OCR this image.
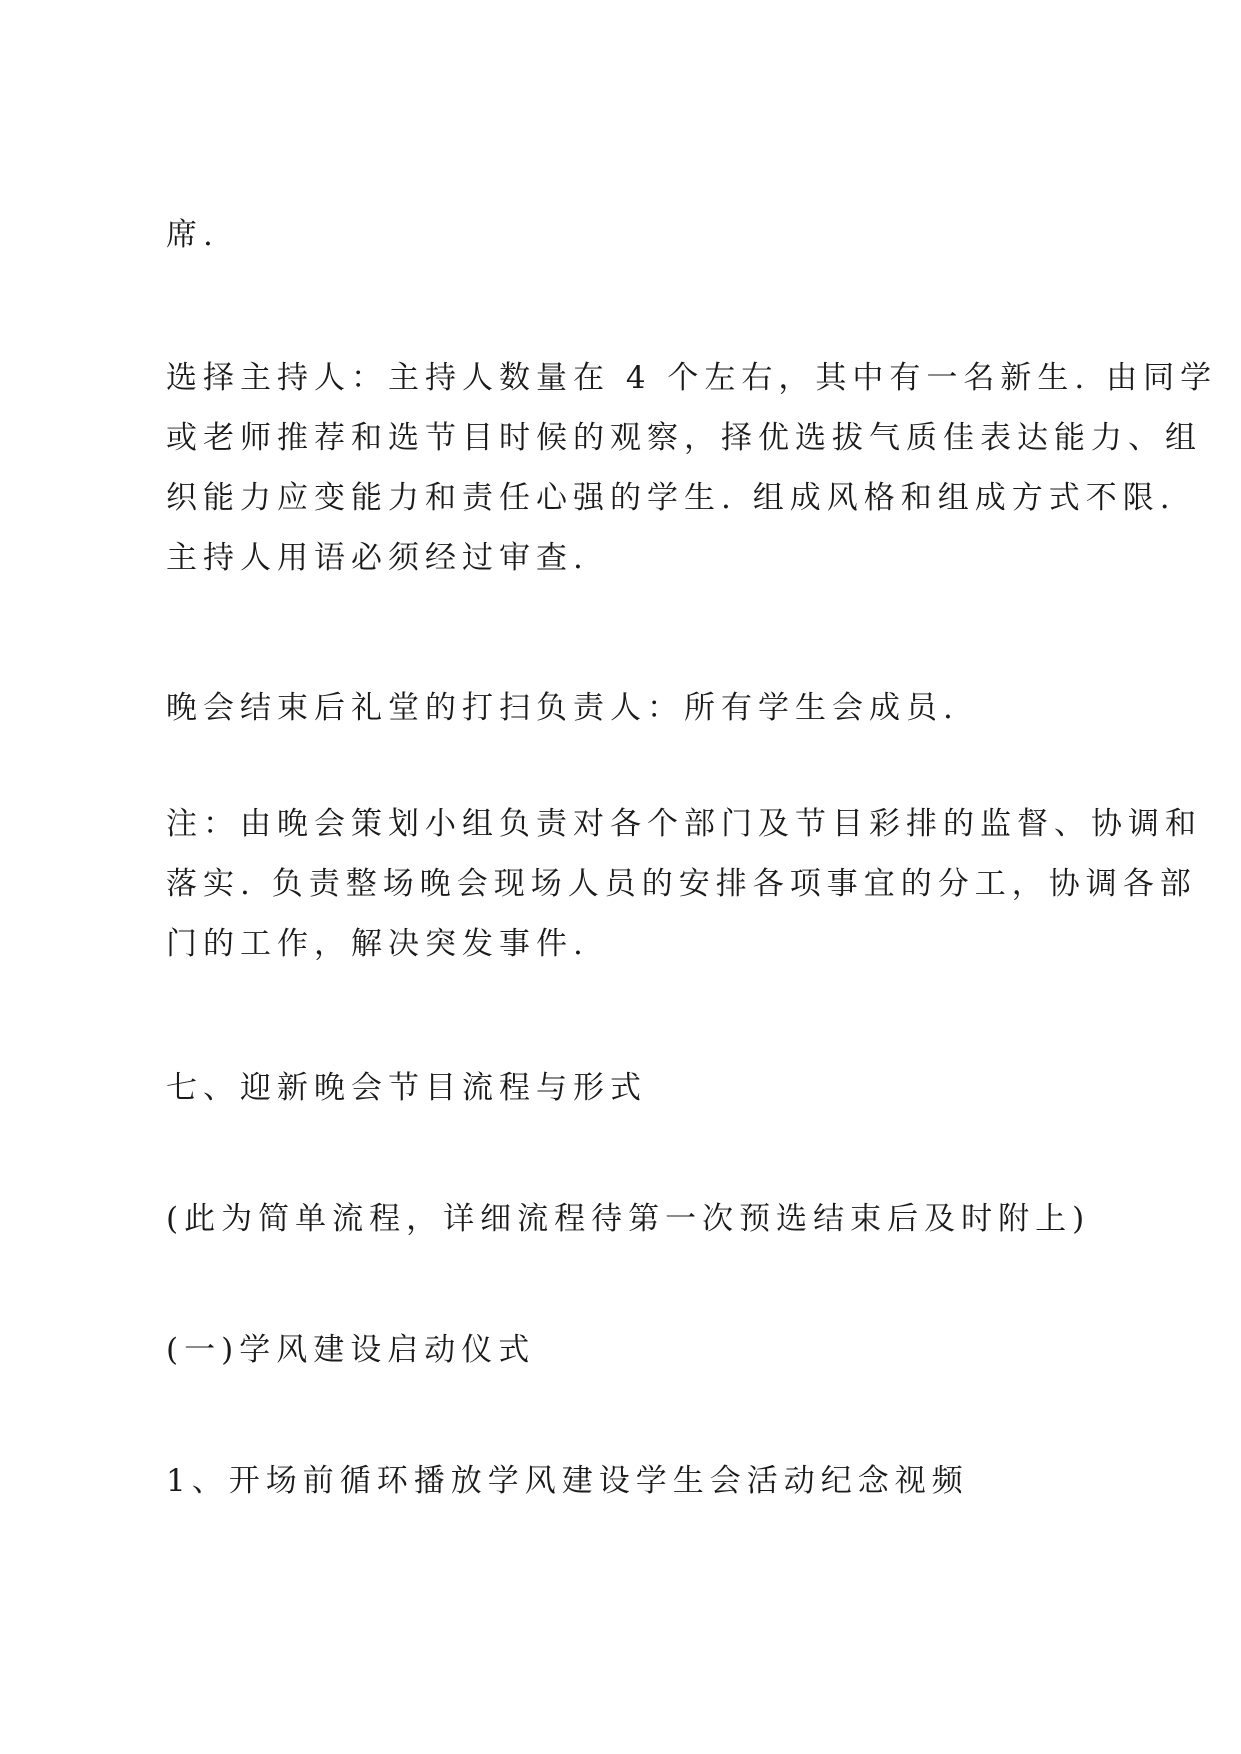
席.
选择主持人：主持人数量在 4 个左右，其中有一名新生. 由同学
或老师推荐和选节目时候的观察，择优选拔气质佳表达能力、组
织能力应变能力和责任心强的学生. 组成风格和组成方式不限.
主持人用语必须经过审查.
晚会结束后礼堂的打扫负责人：所有学生会成员.
注：由晚会策划小组负责对各个部门及节目彩排的监督、协调和
落实. 负责整场晚会现场人员的安排各项事宜的分工，协调各部
门的工作，解决突发事件.
七、迎新晚会节目流程与形式
(此为简单流程，详细流程待第一次预选结束后及时附上)
(一)学风建设启动仪式
1、开场前循环播放学风建设学生会活动纪念视频
